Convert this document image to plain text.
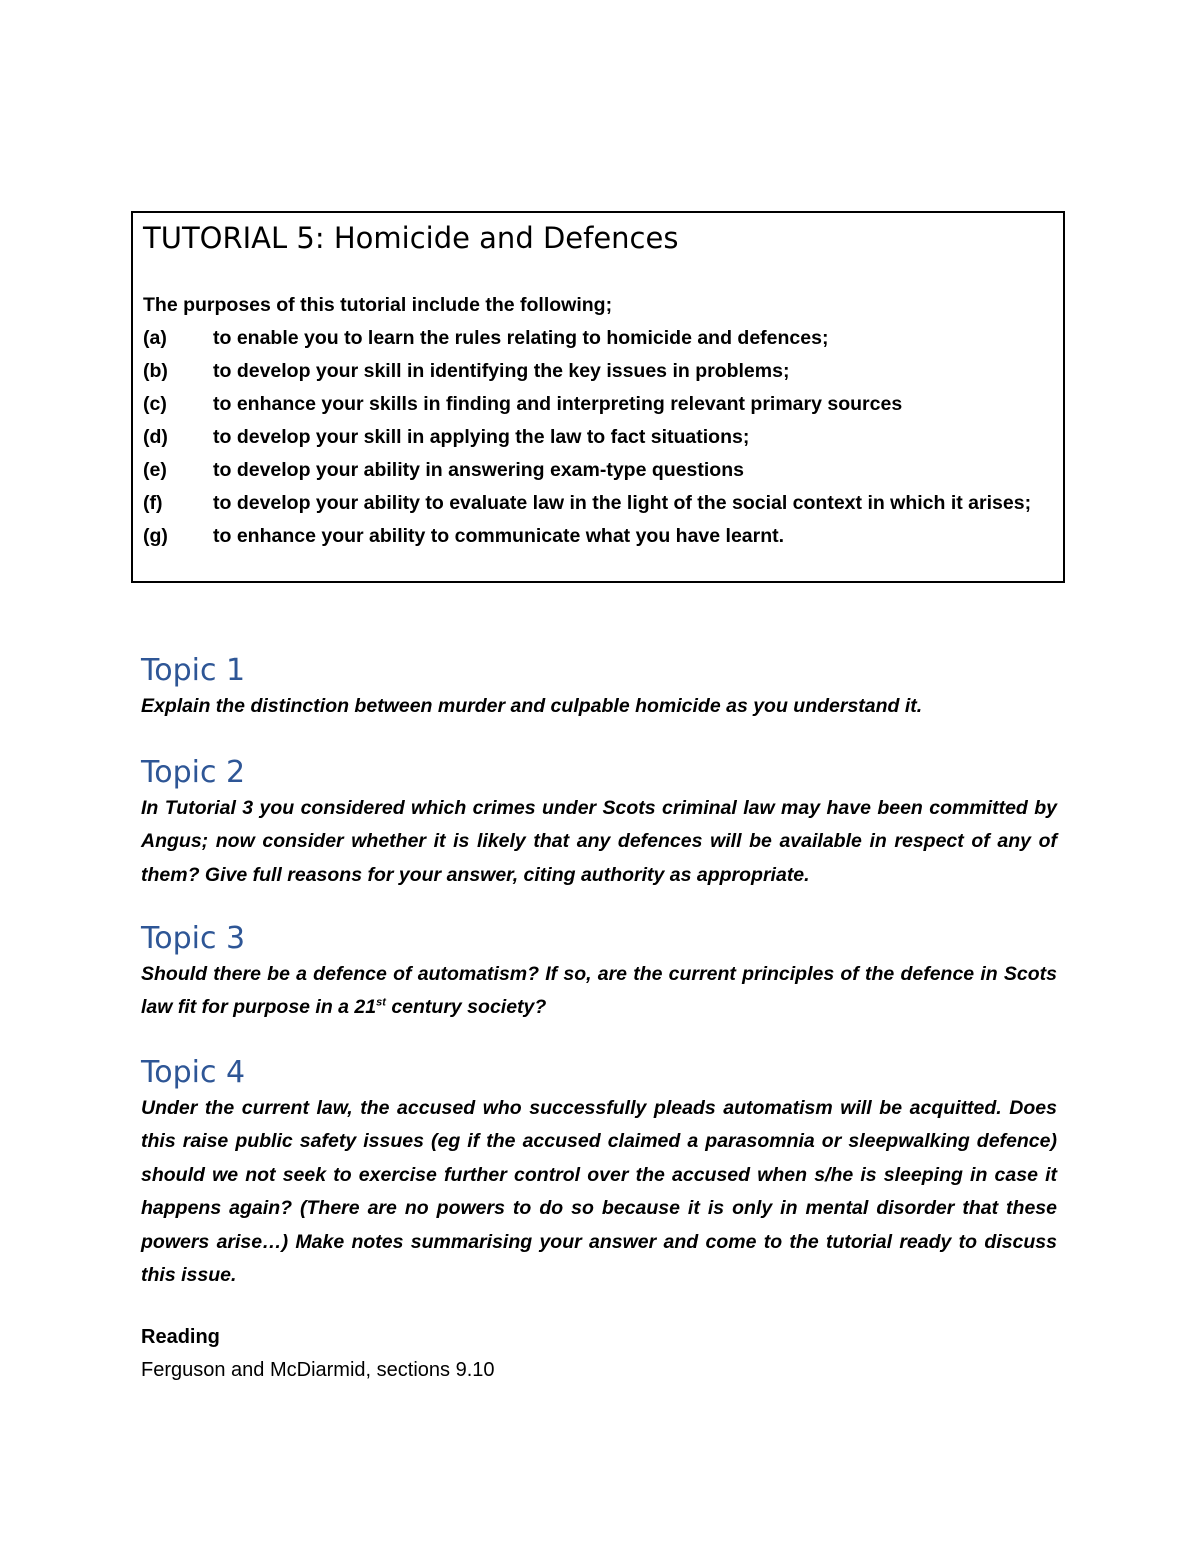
TUTORIAL 5: Homicide and Defences
The purposes of this tutorial include the following;
(a)	to enable you to learn the rules relating to homicide and defences;
(b)	to develop your skill in identifying the key issues in problems;
(c)	to enhance your skills in finding and interpreting relevant primary sources
(d)	to develop your skill in applying the law to fact situations;
(e)	to develop your ability in answering exam-type questions
(f)	to develop your ability to evaluate law in the light of the social context in which it arises;
(g)	to enhance your ability to communicate what you have learnt.
Topic 1

Explain the distinction between murder and culpable homicide as you understand it.

Topic 2

In Tutorial 3 you considered which crimes under Scots criminal law may have been committed by Angus; now consider whether it is likely that any defences will be available in respect of any of them? Give full reasons for your answer, citing authority as appropriate.

Topic 3

Should there be a defence of automatism? If so, are the current principles of the defence in Scots law fit for purpose in a 21st century society?

Topic 4

Under the current law, the accused who successfully pleads automatism will be acquitted. Does this raise public safety issues (eg if the accused claimed a parasomnia or sleepwalking defence) should we not seek to exercise further control over the accused when s/he is sleeping in case it happens again? (There are no powers to do so because it is only in mental disorder that these powers arise…) Make notes summarising your answer and come to the tutorial ready to discuss this issue.

Reading

Ferguson and McDiarmid, sections 9.10
